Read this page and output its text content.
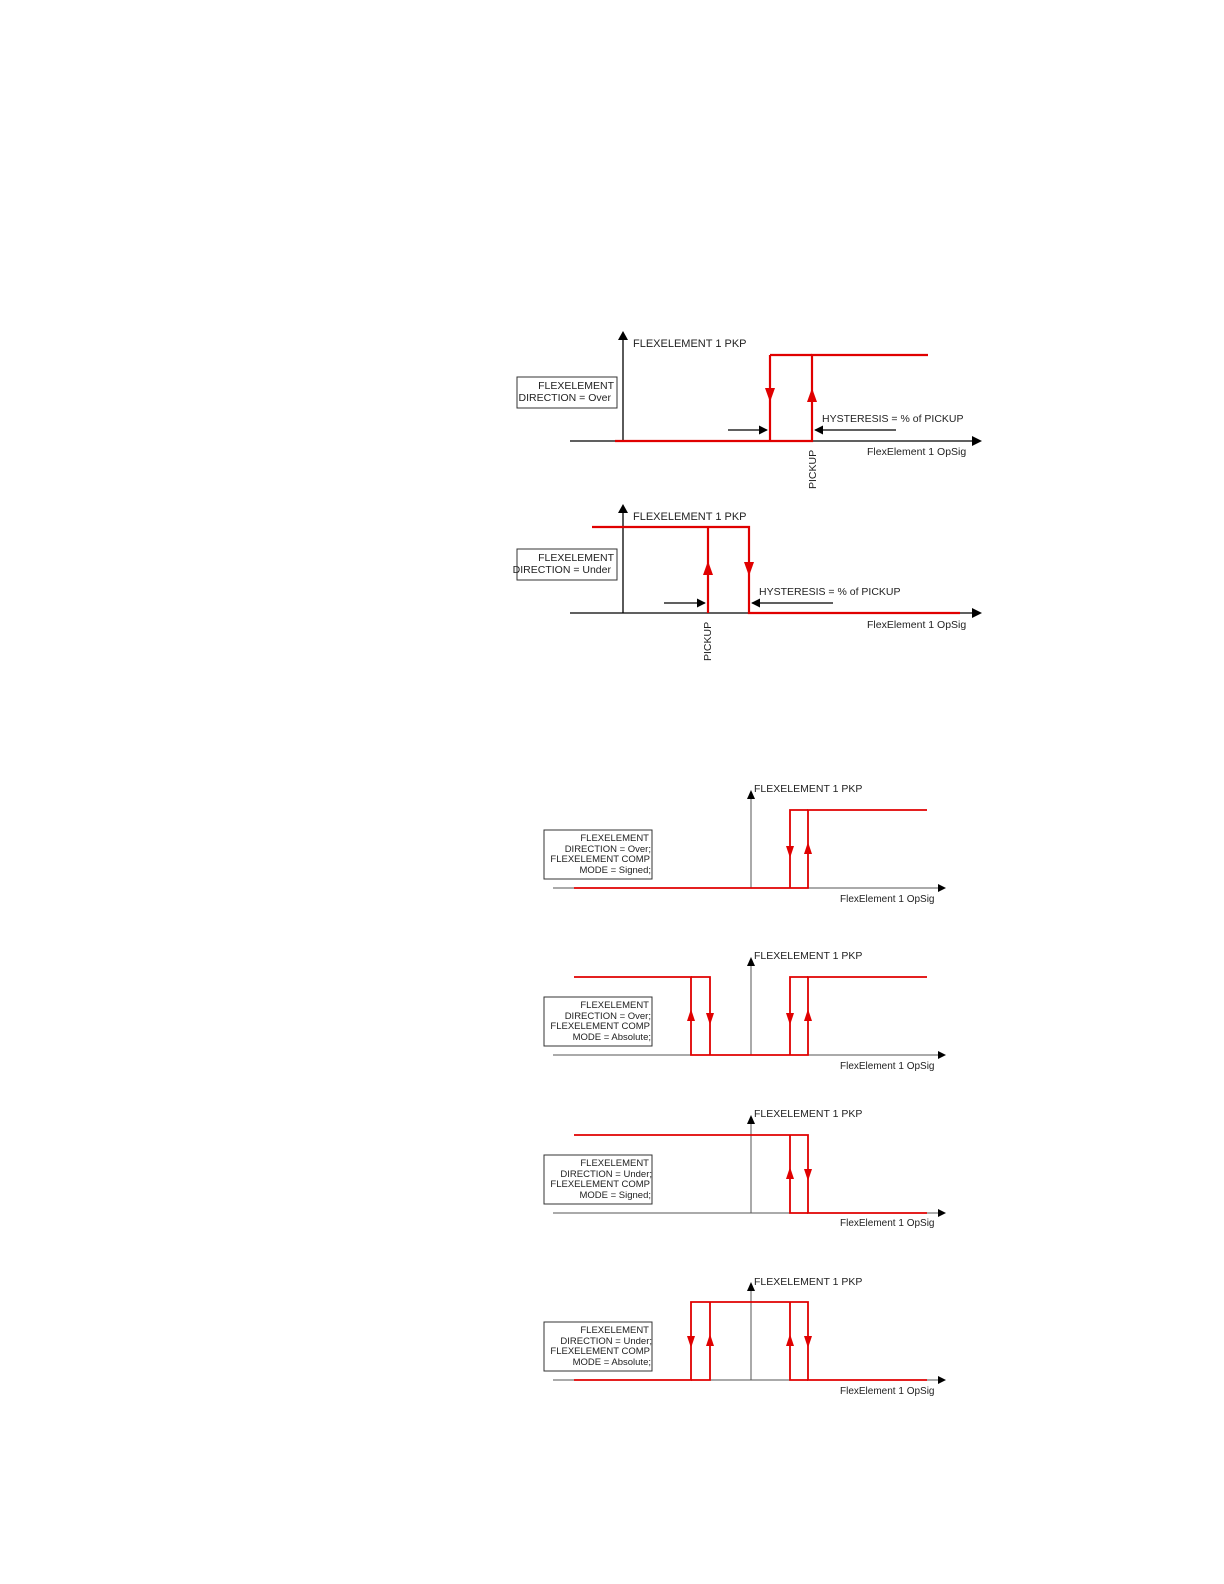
FLEXELEMENT 1 PKP
FlexElement 1 OpSig
FLEXELEMENT
DIRECTION = Over
HYSTERESIS = % of PICKUP
PICKUP
FLEXELEMENT 1 PKP
FlexElement 1 OpSig
FLEXELEMENT
DIRECTION = Under
HYSTERESIS = % of PICKUP
PICKUP
FLEXELEMENT 1 PKP
FlexElement 1 OpSig
FLEXELEMENT
DIRECTION = Over;
FLEXELEMENT COMP
MODE = Signed;
FLEXELEMENT 1 PKP
FlexElement 1 OpSig
FLEXELEMENT
DIRECTION = Over;
FLEXELEMENT COMP
MODE = Absolute;
FLEXELEMENT 1 PKP
FlexElement 1 OpSig
FLEXELEMENT
DIRECTION = Under;
FLEXELEMENT COMP
MODE = Signed;
FLEXELEMENT 1 PKP
FlexElement 1 OpSig
FLEXELEMENT
DIRECTION = Under;
FLEXELEMENT COMP
MODE = Absolute;
